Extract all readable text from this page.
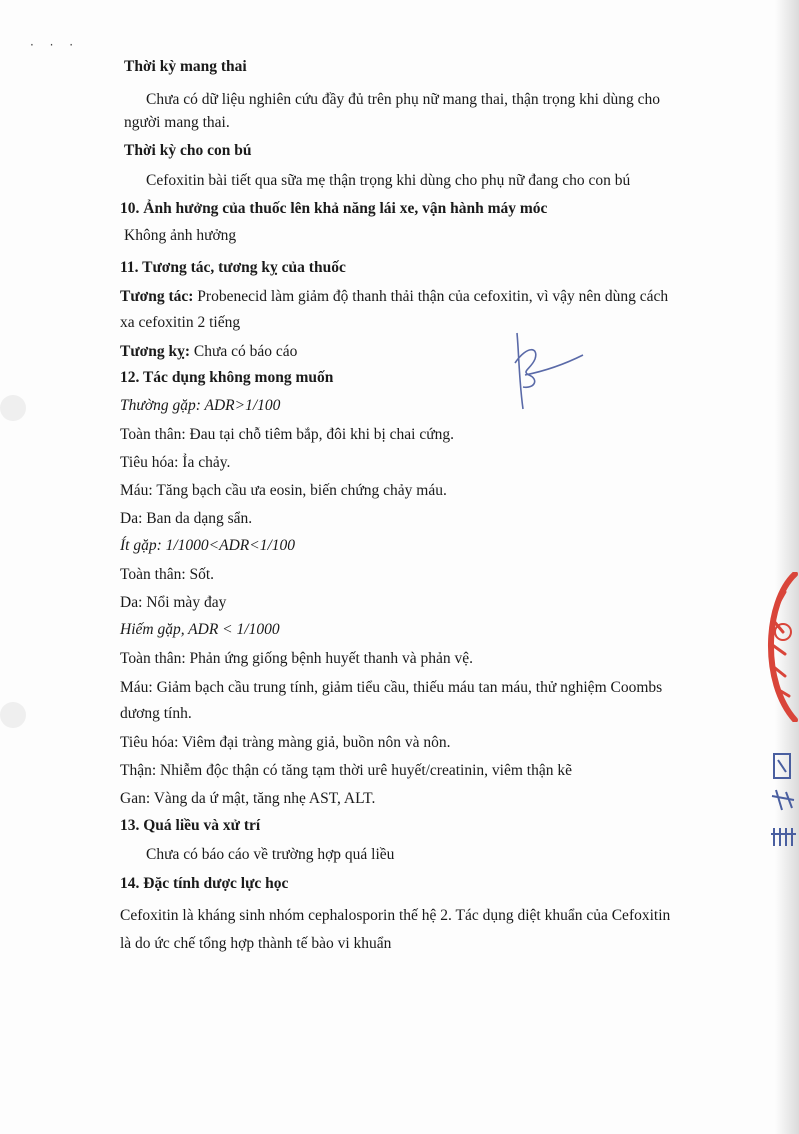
· · ·

Thời kỳ mang thai

Chưa có dữ liệu nghiên cứu đầy đủ trên phụ nữ mang thai, thận trọng khi dùng cho

người mang thai.

Thời kỳ cho con bú

Cefoxitin bài tiết qua sữa mẹ thận trọng khi dùng cho phụ nữ đang cho con bú

10. Ảnh hưởng của thuốc lên khả năng lái xe, vận hành máy móc

Không ảnh hưởng

11. Tương tác, tương kỵ của thuốc

Tương tác: Probenecid làm giảm độ thanh thải thận của cefoxitin, vì vậy nên dùng cách

xa cefoxitin 2 tiếng

Tương kỵ: Chưa có báo cáo

12. Tác dụng không mong muốn

Thường gặp: ADR>1/100

Toàn thân: Đau tại chỗ tiêm bắp, đôi khi bị chai cứng.

Tiêu hóa: Ỉa chảy.

Máu: Tăng bạch cầu ưa eosin, biến chứng chảy máu.

Da: Ban da dạng sẩn.

Ít gặp: 1/1000<ADR<1/100

Toàn thân: Sốt.

Da: Nổi mày đay

Hiếm gặp, ADR < 1/1000

Toàn thân: Phản ứng giống bệnh huyết thanh và phản vệ.

Máu: Giảm bạch cầu trung tính, giảm tiểu cầu, thiếu máu tan máu, thử nghiệm Coombs

dương tính.

Tiêu hóa: Viêm đại tràng màng giả, buồn nôn và nôn.

Thận: Nhiễm độc thận có tăng tạm thời urê huyết/creatinin, viêm thận kẽ

Gan: Vàng da ứ mật, tăng nhẹ AST, ALT.

13. Quá liều và xử trí

Chưa có báo cáo về trường hợp quá liều

14. Đặc tính dược lực học

Cefoxitin là kháng sinh nhóm cephalosporin thế hệ 2. Tác dụng diệt khuẩn của Cefoxitin

là do ức chế tổng hợp thành tế bào vi khuẩn
